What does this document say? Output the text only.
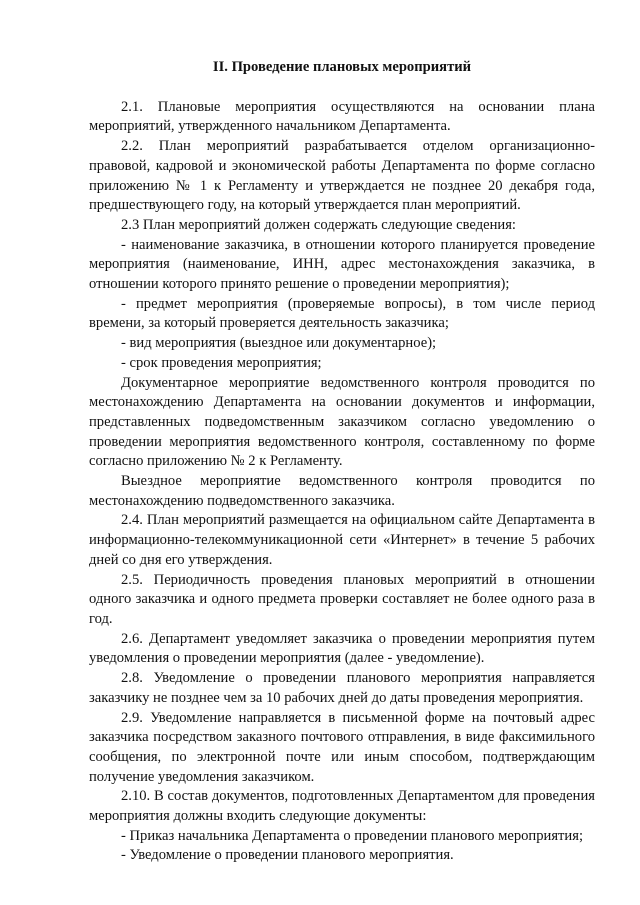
II. Проведение плановых мероприятий

2.1. Плановые мероприятия осуществляются на основании плана мероприятий, утвержденного начальником Департамента.

2.2. План мероприятий разрабатывается отделом организационно-правовой, кадровой и экономической работы Департамента по форме согласно приложению № 1 к Регламенту и утверждается не позднее 20 декабря года, предшествующего году, на который утверждается план мероприятий.

2.3 План мероприятий должен содержать следующие сведения:

- наименование заказчика, в отношении которого планируется проведение мероприятия (наименование, ИНН, адрес местонахождения заказчика, в отношении которого принято решение о проведении мероприятия);

- предмет мероприятия (проверяемые вопросы), в том числе период времени, за который проверяется деятельность заказчика;

- вид мероприятия (выездное или документарное);

- срок проведения мероприятия;

Документарное мероприятие ведомственного контроля проводится по местонахождению Департамента на основании документов и информации, представленных подведомственным заказчиком согласно уведомлению о проведении мероприятия ведомственного контроля, составленному по форме согласно приложению № 2 к Регламенту.

Выездное мероприятие ведомственного контроля проводится по местонахождению подведомственного заказчика.

2.4. План мероприятий размещается на официальном сайте Департамента в информационно-телекоммуникационной сети «Интернет» в течение 5 рабочих дней со дня его утверждения.

2.5. Периодичность проведения плановых мероприятий в отношении одного заказчика и одного предмета проверки составляет не более одного раза в год.

2.6. Департамент уведомляет заказчика о проведении мероприятия путем уведомления о проведении мероприятия (далее - уведомление).

2.8. Уведомление о проведении планового мероприятия направляется заказчику не позднее чем за 10 рабочих дней до даты проведения мероприятия.

2.9. Уведомление направляется в письменной форме на почтовый адрес заказчика посредством заказного почтового отправления, в виде факсимильного сообщения, по электронной почте или иным способом, подтверждающим получение уведомления заказчиком.

2.10. В состав документов, подготовленных Департаментом для проведения мероприятия должны входить следующие документы:

- Приказ начальника Департамента о проведении планового мероприятия;

- Уведомление о проведении планового мероприятия.
